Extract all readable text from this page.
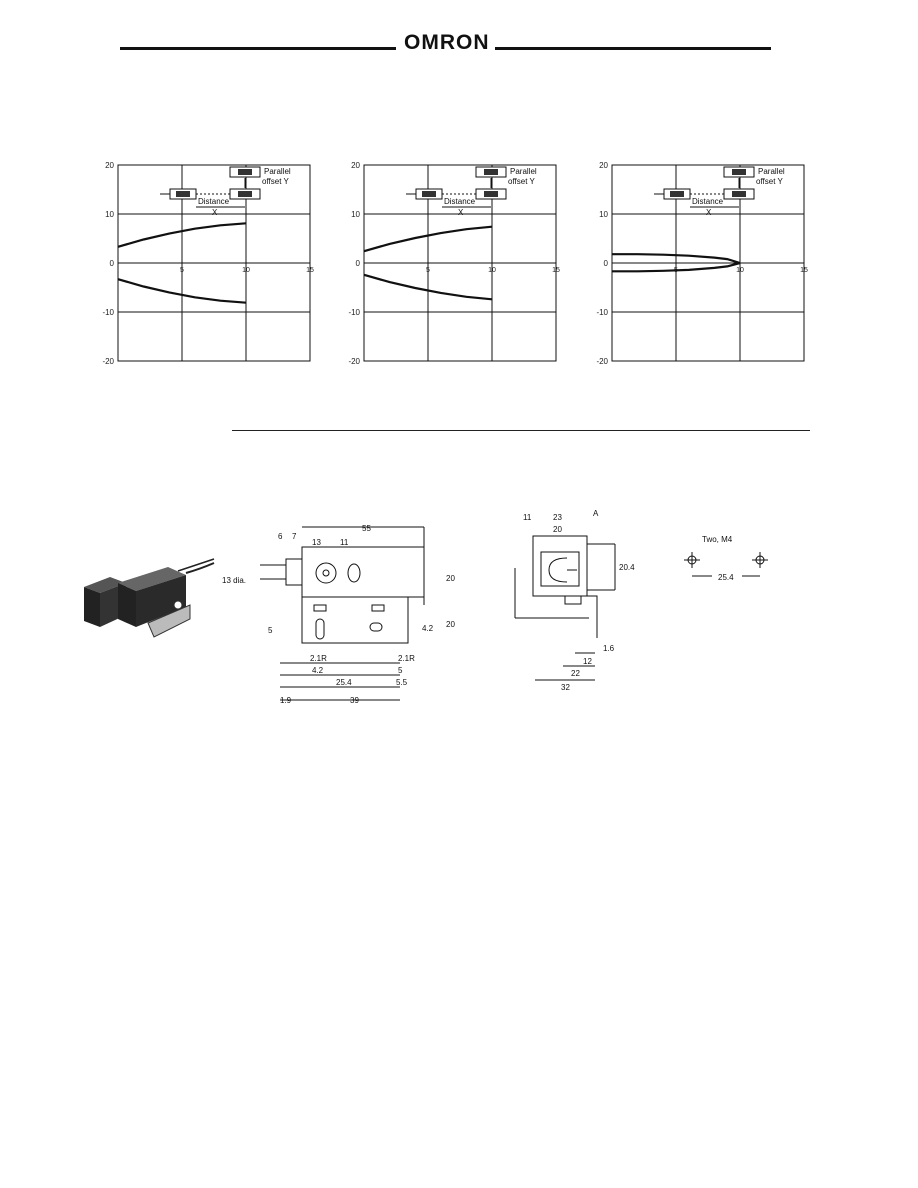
OMRON
20
10
0
-10
-20
5	10	15
Parallel
offset Y
Distance
X
20
10
0
-10
-20
5	10	15
Parallel
offset Y
Distance
X
20
10
0
-10
-20
5	10	15
Parallel
offset Y
Distance
X
6 7
13 11
55
13 dia.	20
20
5	4.2
2.1R	2.1R
4.2	5
25.4	5.5
1.9	39
11	23
20
A
20.4
1.6
12
22
32
Two, M4
25.4
